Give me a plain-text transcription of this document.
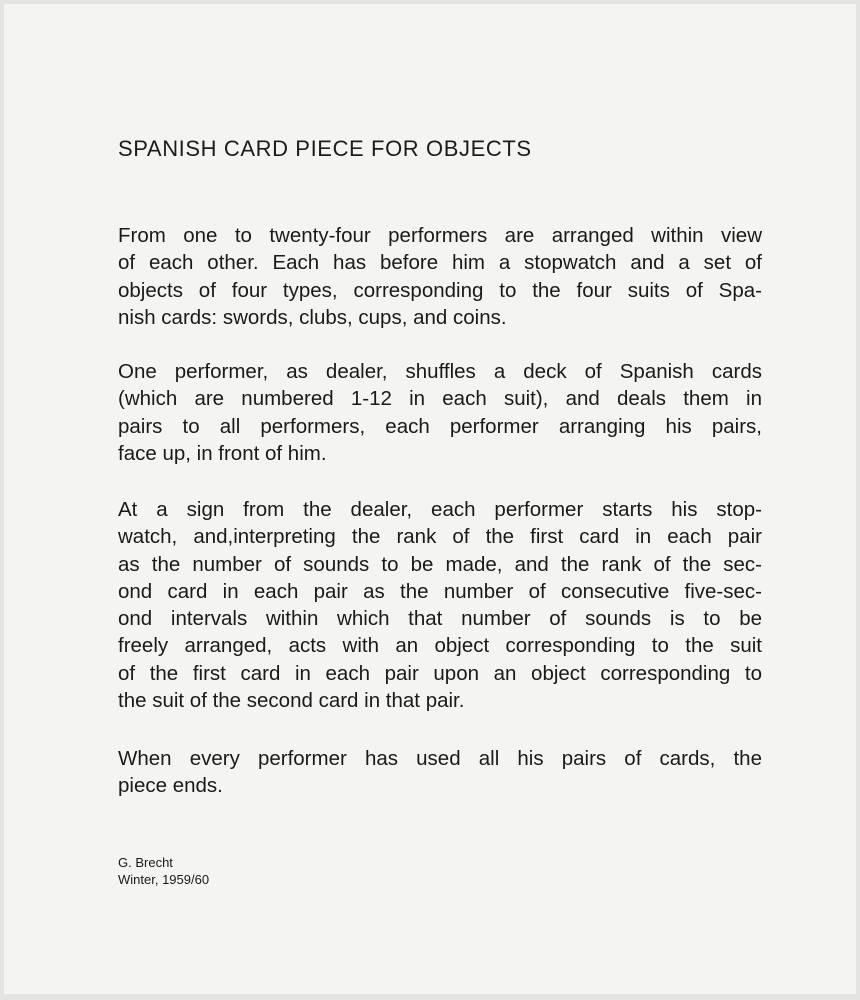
SPANISH CARD PIECE FOR OBJECTS

From one to twenty-four performers are arranged within view
of each other. Each has before him a stopwatch and a set of
objects of four types, corresponding to the four suits of Spa-
nish cards: swords, clubs, cups, and coins.

One performer, as dealer, shuffles a deck of Spanish cards
(which are numbered 1-12 in each suit), and deals them in
pairs to all performers, each performer arranging his pairs,
face up, in front of him.

At a sign from the dealer, each performer starts his stop-
watch, and,interpreting the rank of the first card in each pair
as the number of sounds to be made, and the rank of the sec-
ond card in each pair as the number of consecutive five-sec-
ond intervals within which that number of sounds is to be
freely arranged, acts with an object corresponding to the suit
of the first card in each pair upon an object corresponding to
the suit of the second card in that pair.

When every performer has used all his pairs of cards, the
piece ends.

G. Brecht
Winter, 1959/60
